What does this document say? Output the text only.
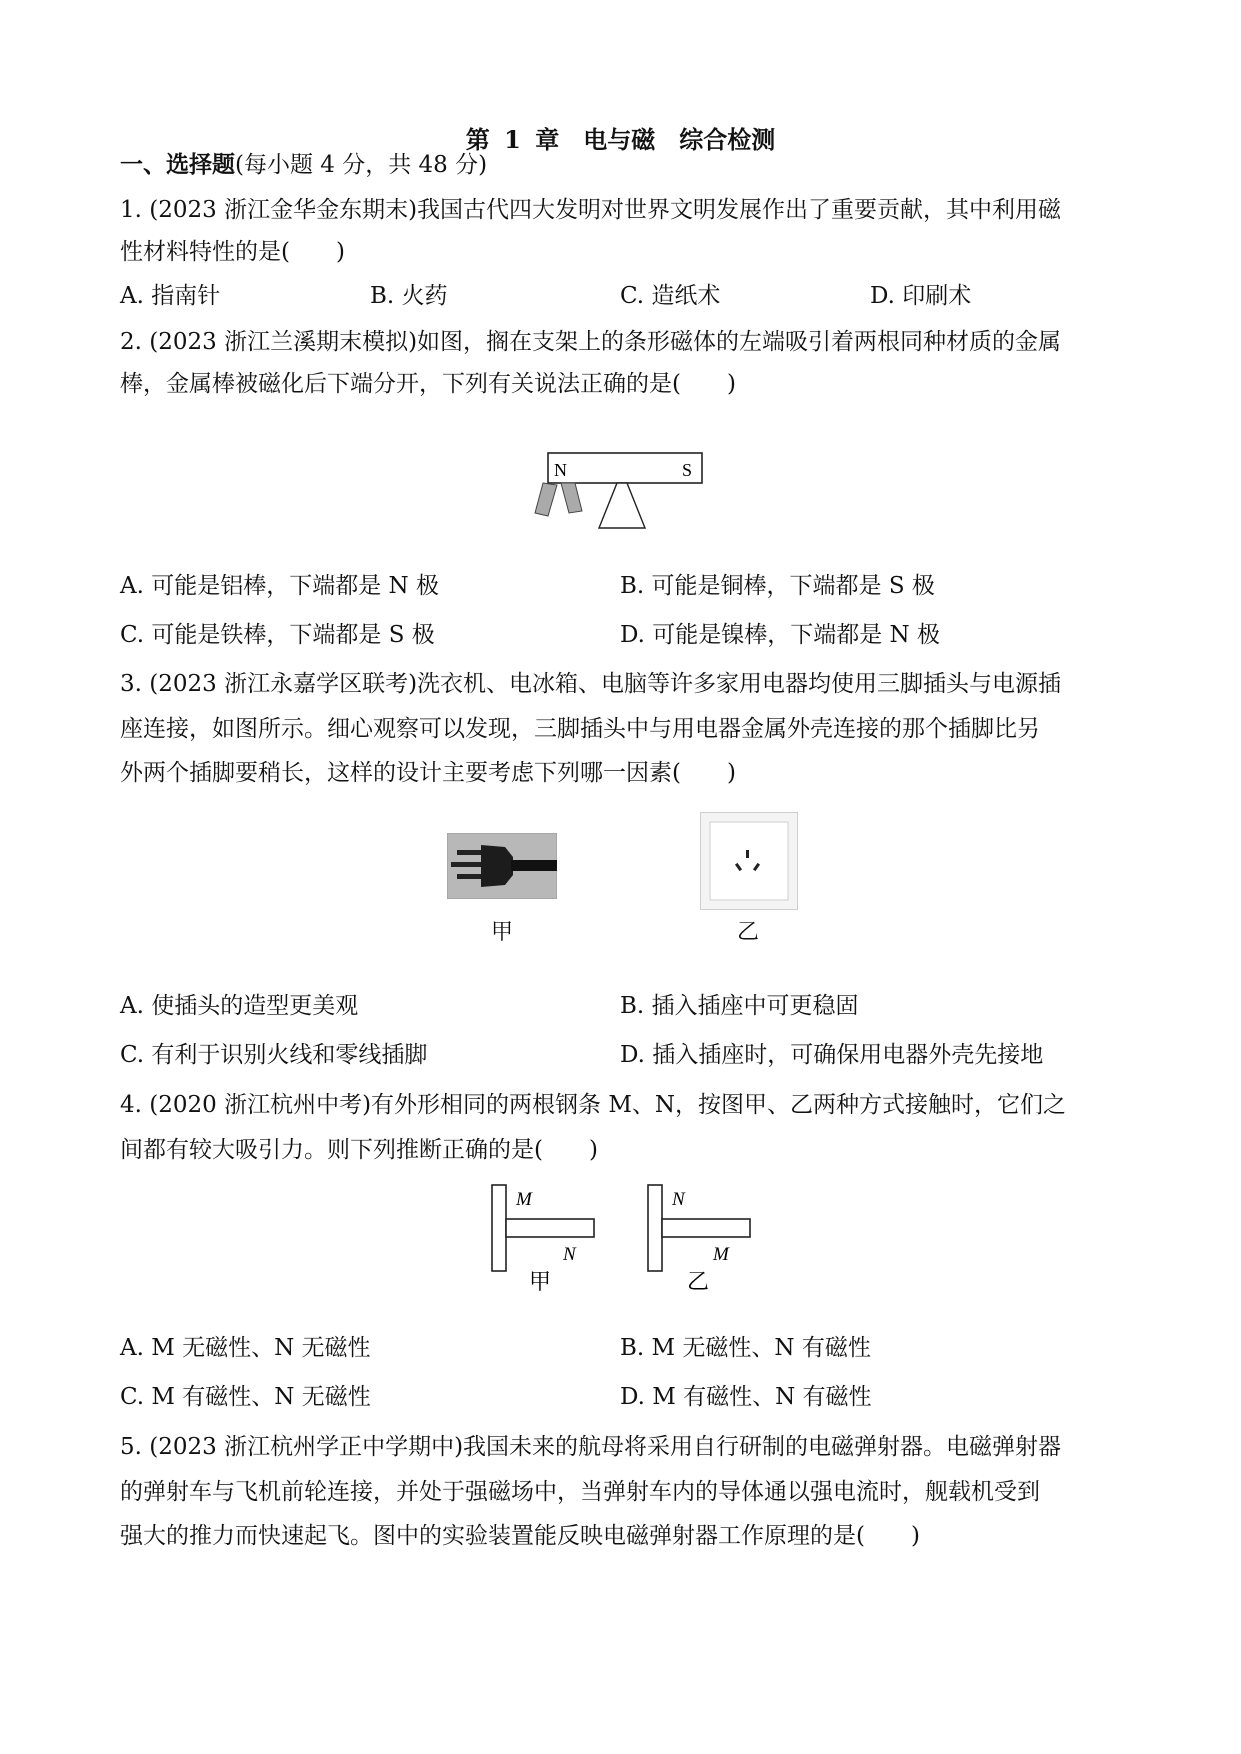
第 1 章　电与磁　综合检测
一、选择题(每小题 4 分，共 48 分)
1. (2023 浙江金华金东期末)我国古代四大发明对世界文明发展作出了重要贡献，其中利用磁
性材料特性的是(　　)
A. 指南针	B. 火药	C. 造纸术	D. 印刷术
2. (2023 浙江兰溪期末模拟)如图，搁在支架上的条形磁体的左端吸引着两根同种材质的金属
棒，金属棒被磁化后下端分开，下列有关说法正确的是(　　)
N	S
A. 可能是铝棒，下端都是 N 极	B. 可能是铜棒，下端都是 S 极
C. 可能是铁棒，下端都是 S 极	D. 可能是镍棒，下端都是 N 极
3. (2023 浙江永嘉学区联考)洗衣机、电冰箱、电脑等许多家用电器均使用三脚插头与电源插
座连接，如图所示。细心观察可以发现，三脚插头中与用电器金属外壳连接的那个插脚比另
外两个插脚要稍长，这样的设计主要考虑下列哪一因素(　　)
甲	乙
A. 使插头的造型更美观	B. 插入插座中可更稳固
C. 有利于识别火线和零线插脚	D. 插入插座时，可确保用电器外壳先接地
4. (2020 浙江杭州中考)有外形相同的两根钢条 M、N，按图甲、乙两种方式接触时，它们之
间都有较大吸引力。则下列推断正确的是(　　)
M
N
甲
N
M
乙
A. M 无磁性、N 无磁性	B. M 无磁性、N 有磁性
C. M 有磁性、N 无磁性	D. M 有磁性、N 有磁性
5. (2023 浙江杭州学正中学期中)我国未来的航母将采用自行研制的电磁弹射器。电磁弹射器
的弹射车与飞机前轮连接，并处于强磁场中，当弹射车内的导体通以强电流时，舰载机受到
强大的推力而快速起飞。图中的实验装置能反映电磁弹射器工作原理的是(　　)
